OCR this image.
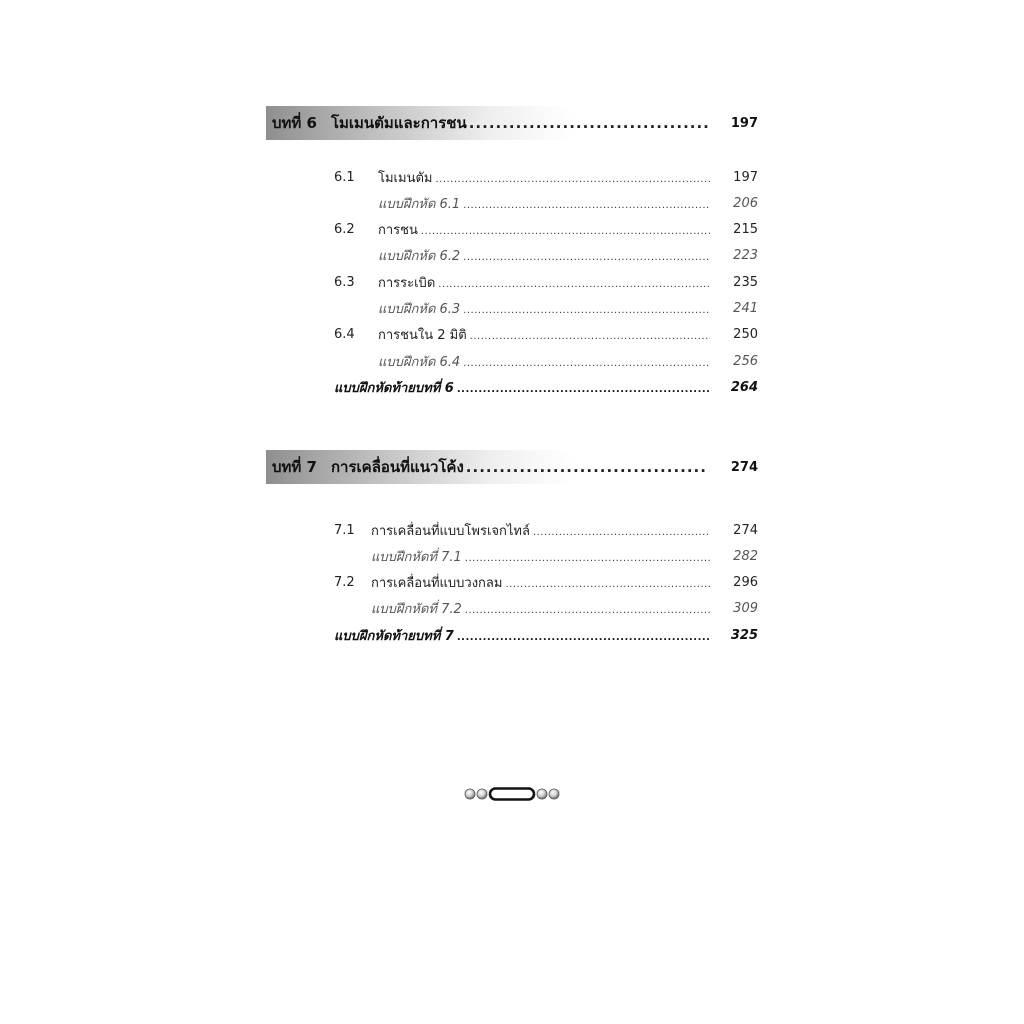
บทที่ 6 โมเมนตัมและการชน .....	197
6.1	โมเมนตัม .....	197
แบบฝึกหัด 6.1 .....	206
6.2	การชน .....	215
แบบฝึกหัด 6.2 .....	223
6.3	การระเบิด .....	235
แบบฝึกหัด 6.3 .....	241
6.4	การชนใน 2 มิติ .....	250
แบบฝึกหัด 6.4 .....	256
แบบฝึกหัดท้ายบทที่ 6 .....	264
บทที่ 7 การเคลื่อนที่แนวโค้ง .....	274
7.1	การเคลื่อนที่แบบโพรเจกไทล์ .....	274
แบบฝึกหัดที่ 7.1 .....	282
7.2	การเคลื่อนที่แบบวงกลม .....	296
แบบฝึกหัดที่ 7.2 .....	309
แบบฝึกหัดท้ายบทที่ 7 .....	325
